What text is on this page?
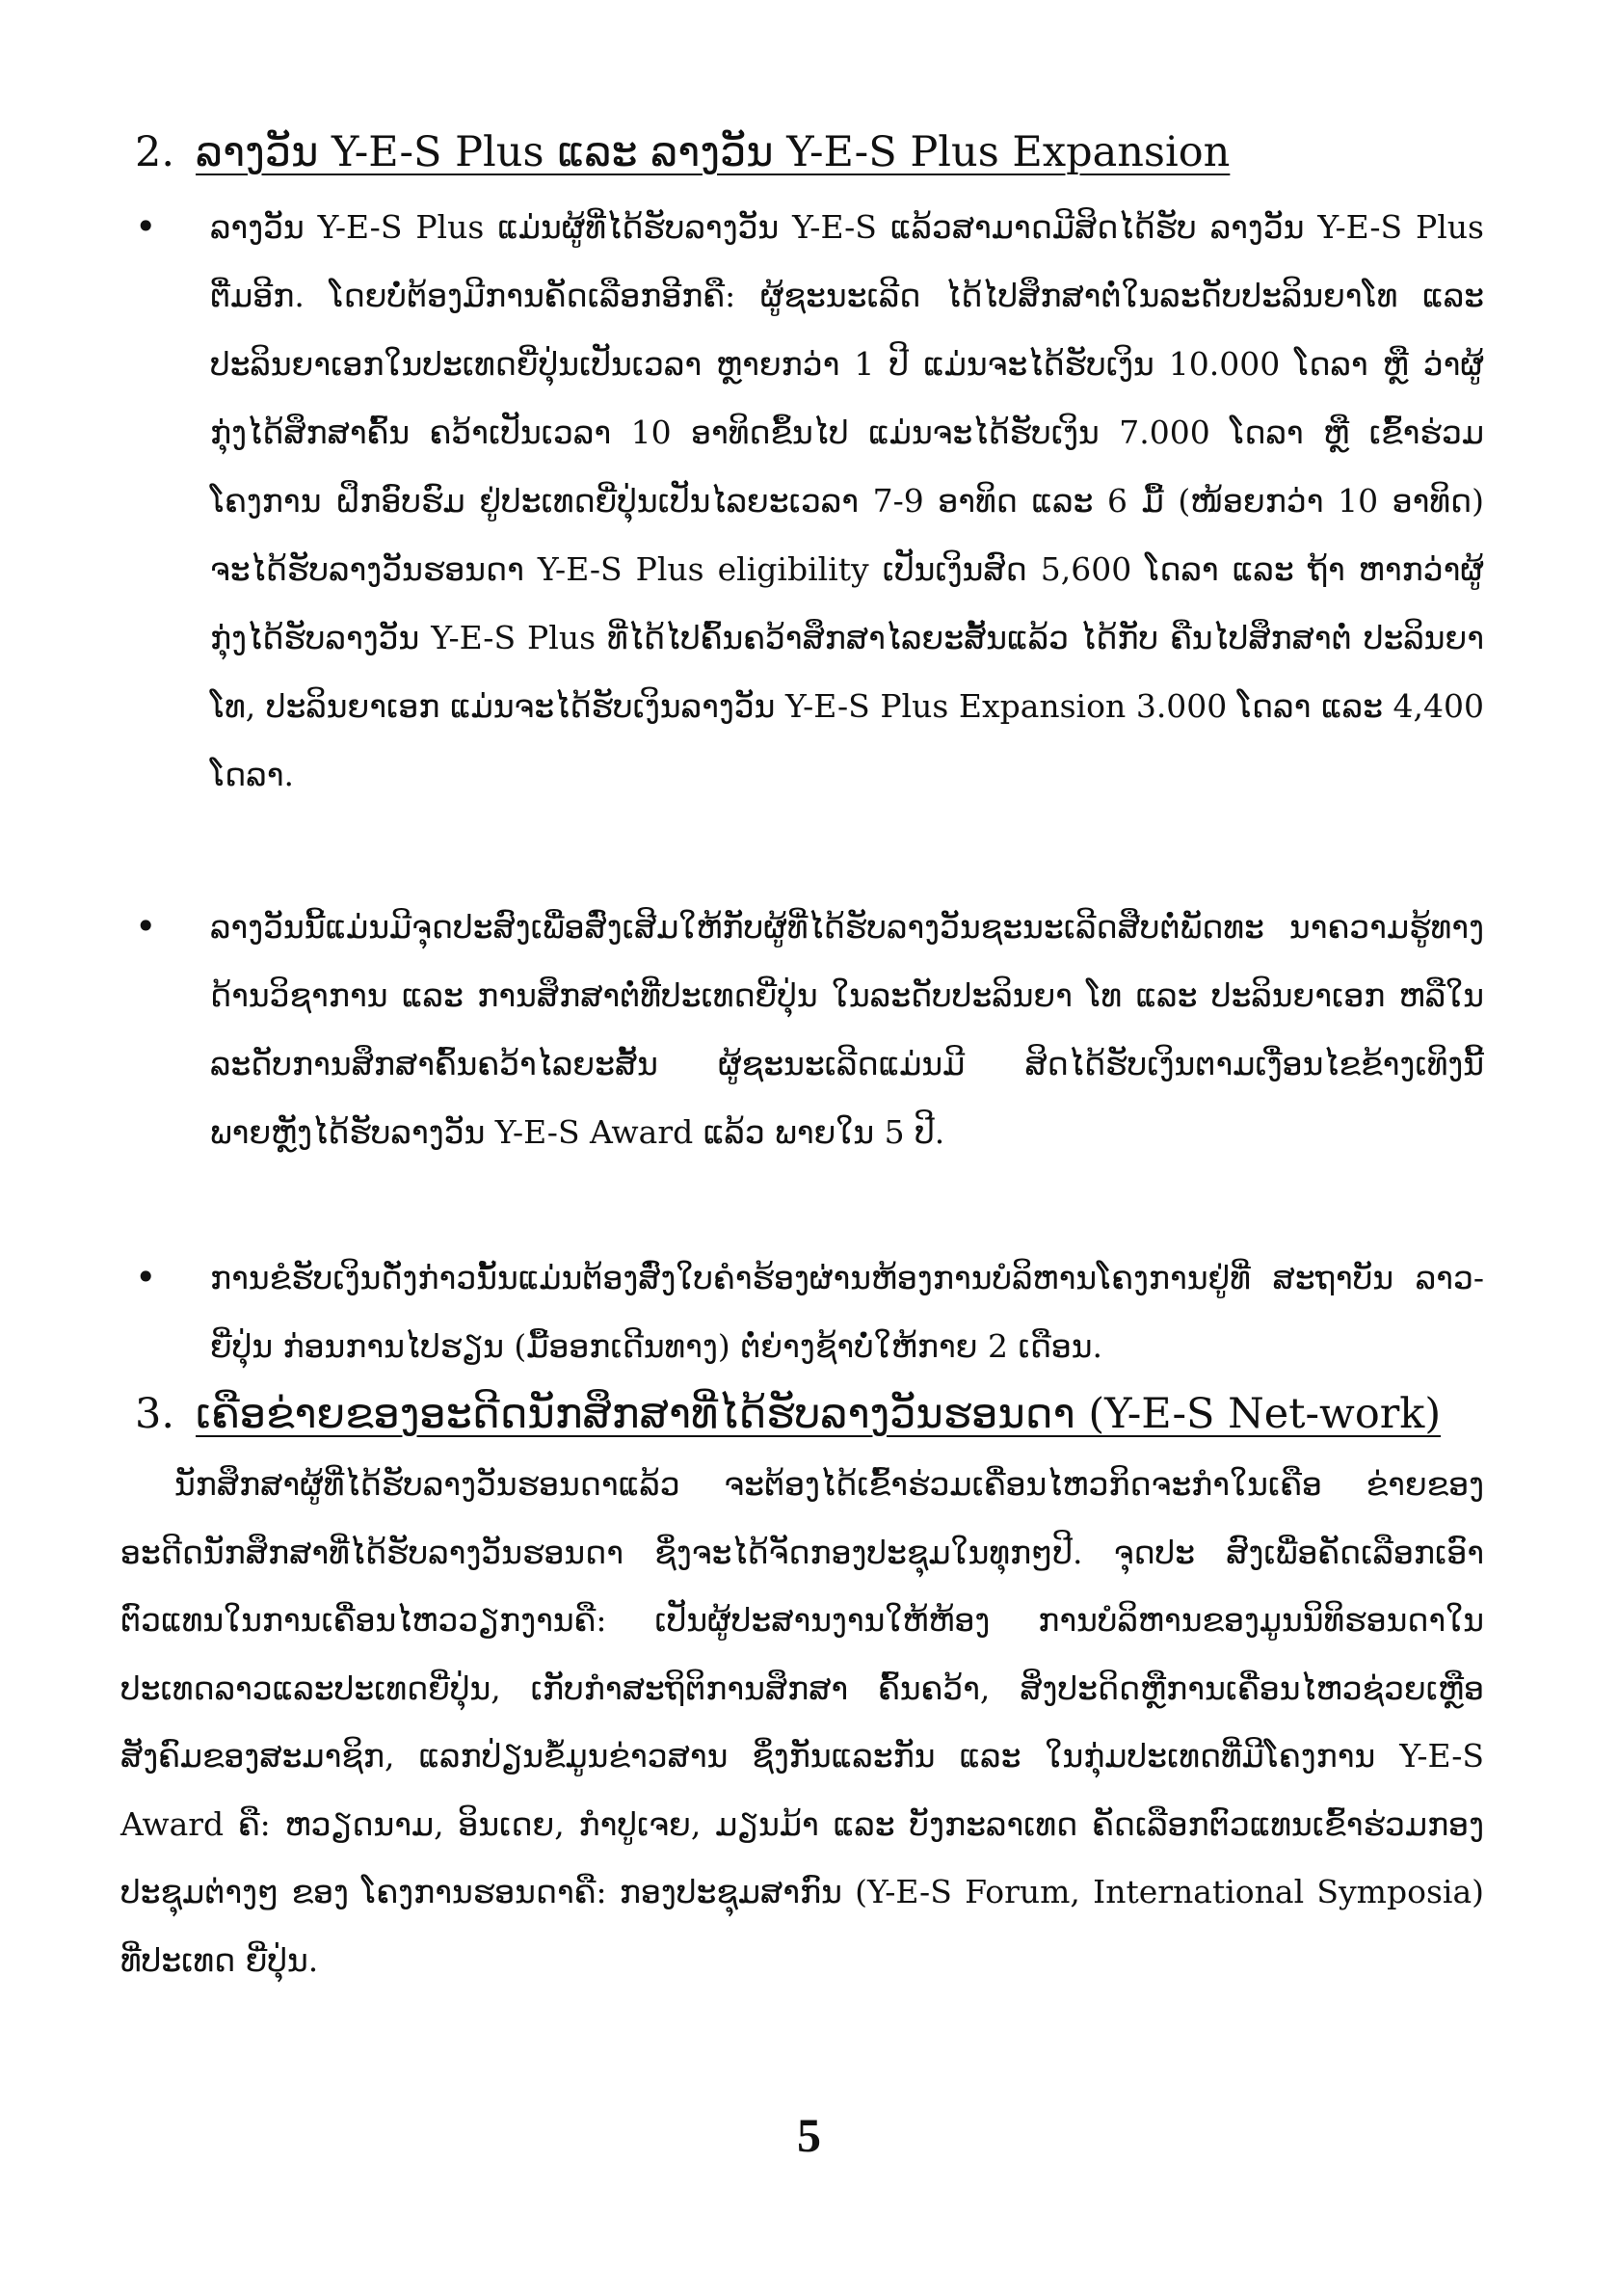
2. ລາງວັນ Y-E-S Plus ແລະ ລາງວັນ Y-E-S Plus Expansion
•	ລາງວັນ Y-E-S Plus ແມ່ນຜູ້ທີ່ໄດ້ຮັບລາງວັນ Y-E-S ແລ້ວສາມາດມີສິດໄດ້ຮັບ ລາງວັນ Y-E-S Plus ຕື່ມອີກ. ໂດຍບໍ່ຕ້ອງມີການຄັດເລືອກອີກຄື: ຜູ້ຊະນະເລີດ ໄດ້ໄປສຶກສາຕໍ່ໃນລະດັບປະລິນຍາໂທ ແລະ ປະລິນຍາເອກໃນປະເທດຍີ່ປຸ່ນເປັນເວລາ ຫຼາຍກວ່າ 1 ປີ ແມ່ນຈະໄດ້ຮັບເງິນ 10.000 ໂດລາ ຫຼື ວ່າຜູ້ກຸ່ງໄດ້ສຶກສາຄົ້ນ ຄວ້າເປັນເວລາ 10 ອາທິດຂຶ້ນໄປ ແມ່ນຈະໄດ້ຮັບເງິນ 7.000 ໂດລາ ຫຼື ເຂົ້າຮ່ວມໂຄງການ ຝຶກອົບຮົມ ຢູ່ປະເທດຍີ່ປຸ່ນເປັນໄລຍະເວລາ 7-9 ອາທິດ ແລະ 6 ມື້ (ໜ້ອຍກວ່າ 10 ອາທິດ) ຈະໄດ້ຮັບລາງວັນຮອນດາ Y-E-S Plus eligibility ເປັນເງິນສົດ 5,600 ໂດລາ ແລະ ຖ້າ ຫາກວ່າຜູ້ກຸ່ງໄດ້ຮັບລາງວັນ Y-E-S Plus ທີ່ໄດ້ໄປຄົ້ນຄວ້າສຶກສາໄລຍະສັ້ນແລ້ວ ໄດ້ກັບ ຄືນໄປສຶກສາຕໍ່ ປະລິນຍາໂທ, ປະລິນຍາເອກ ແມ່ນຈະໄດ້ຮັບເງິນລາງວັນ Y-E-S Plus Expansion 3.000 ໂດລາ ແລະ 4,400 ໂດລາ.
•	ລາງວັນນີ້ແມ່ນມີຈຸດປະສົງເພື່ອສົ່ງເສີມໃຫ້ກັບຜູ້ທີ່ໄດ້ຮັບລາງວັນຊະນະເລີດສືບຕໍ່ພັດທະ ນາຄວາມຮູ້ທາງດ້ານວິຊາການ ແລະ ການສຶກສາຕໍ່ທີ່ປະເທດຍີ່ປຸ່ນ ໃນລະດັບປະລິນຍາ ໂທ ແລະ ປະລິນຍາເອກ ຫລືໃນລະດັບການສຶກສາຄົ້ນຄວ້າໄລຍະສັ້ນ ຜູ້ຊະນະເລີດແມ່ນມີ ສິດໄດ້ຮັບເງິນຕາມເງື່ອນໄຂຂ້າງເທິງນີ້ພາຍຫຼັງໄດ້ຮັບລາງວັນ Y-E-S Award ແລ້ວ ພາຍໃນ 5 ປີ.
•	ການຂໍຮັບເງິນດັ່ງກ່າວນັ້ນແມ່ນຕ້ອງສົ່ງໃບຄໍາຮ້ອງຜ່ານຫ້ອງການບໍລິຫານໂຄງການຢູ່ທີ່ ສະຖາບັນ ລາວ-ຍີ່ປຸ່ນ ກ່ອນການໄປຮຽນ (ມື້ອອກເດີນທາງ) ຕໍ່ຍ່າງຊ້າບໍ່ໃຫ້ກາຍ 2 ເດືອນ.
3. ເຄືອຂ່າຍຂອງອະດີດນັກສຶກສາທີ່ໄດ້ຮັບລາງວັນຮອນດາ (Y-E-S Net-work)
ນັກສຶກສາຜູ້ທີ່ໄດ້ຮັບລາງວັນຮອນດາແລ້ວ ຈະຕ້ອງໄດ້ເຂົ້າຮ່ວມເຄື່ອນໄຫວກິດຈະກໍາໃນເຄືອ ຂ່າຍຂອງອະດີດນັກສຶກສາທີ່ໄດ້ຮັບລາງວັນຮອນດາ ຊຶ່ງຈະໄດ້ຈັດກອງປະຊຸມໃນທຸກໆປີ. ຈຸດປະ ສົງເພື່ອຄັດເລືອກເອົາຕົວແທນໃນການເຄື່ອນໄຫວວຽກງານຄື: ເປັນຜູ້ປະສານງານໃຫ້ຫ້ອງ ການບໍລິຫານຂອງມູນນິທິຮອນດາໃນປະເທດລາວແລະປະເທດຍີ່ປຸ່ນ, ເກັບກໍາສະຖິຕິການສຶກສາ ຄົ້ນຄວ້າ, ສິ່ງປະດິດຫຼືການເຄື່ອນໄຫວຊ່ວຍເຫຼືອສັງຄົມຂອງສະມາຊິກ, ແລກປ່ຽນຂໍ້ມູນຂ່າວສານ ຊຶ່ງກັນແລະກັນ ແລະ ໃນກຸ່ມປະເທດທີ່ມີໂຄງການ Y-E-S Award ຄື: ຫວຽດນາມ, ອິນເດຍ, ກໍາປູເຈຍ, ມຽນມ້າ ແລະ ບັງກະລາເທດ ຄັດເລືອກຕົວແທນເຂົ້າຮ່ວມກອງປະຊຸມຕ່າງໆ ຂອງ ໂຄງການຮອນດາຄື: ກອງປະຊຸມສາກົນ (Y-E-S Forum, International Symposia) ທີ່ປະເທດ ຍີ່ປຸ່ນ.
5
